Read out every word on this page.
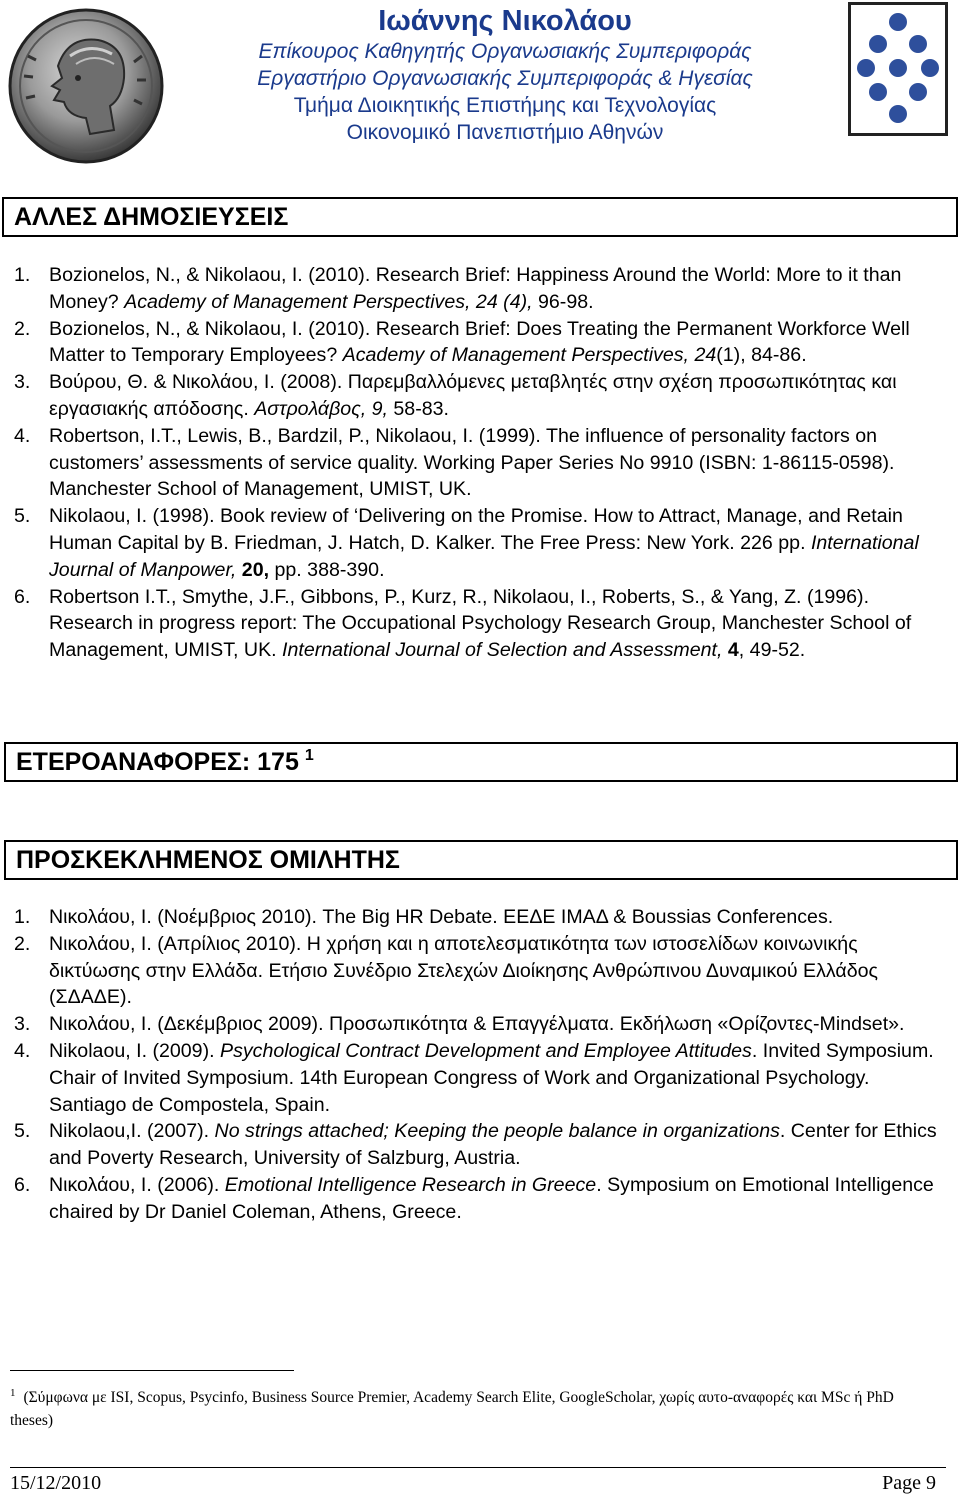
Ιωάννης Νικολάου
Επίκουρος Καθηγητής Οργανωσιακής Συμπεριφοράς
Εργαστήριο Οργανωσιακής Συμπεριφοράς & Ηγεσίας
Τμήμα Διοικητικής Επιστήμης και Τεχνολογίας
Οικονομικό Πανεπιστήμιο Αθηνών
ΑΛΛΕΣ ΔΗΜΟΣΙΕΥΣΕΙΣ
1. Bozionelos, N., & Nikolaou, I. (2010). Research Brief: Happiness Around the World: More to it than Money? Academy of Management Perspectives, 24 (4), 96-98.
2. Bozionelos, N., & Nikolaou, I. (2010). Research Brief: Does Treating the Permanent Workforce Well Matter to Temporary Employees? Academy of Management Perspectives, 24(1), 84-86.
3. Βούρου, Θ. & Νικολάου, Ι. (2008). Παρεμβαλλόμενες μεταβλητές στην σχέση προσωπικότητας και εργασιακής απόδοσης. Αστρολάβος, 9, 58-83.
4. Robertson, I.T., Lewis, B., Bardzil, P., Nikolaou, I. (1999). The influence of personality factors on customers’ assessments of service quality. Working Paper Series No 9910 (ISBN: 1-86115-0598). Manchester School of Management, UMIST, UK.
5. Nikolaou, I. (1998). Book review of ‘Delivering on the Promise. How to Attract, Manage, and Retain Human Capital by B. Friedman, J. Hatch, D. Kalker. The Free Press: New York. 226 pp. International Journal of Manpower, 20, pp. 388-390.
6. Robertson I.T., Smythe, J.F., Gibbons, P., Kurz, R., Nikolaou, I., Roberts, S., & Yang, Z. (1996). Research in progress report: The Occupational Psychology Research Group, Manchester School of Management, UMIST, UK. International Journal of Selection and Assessment, 4, 49-52.
ΕΤΕΡΟΑΝΑΦΟΡΕΣ: 175 $^1$
ΠΡΟΣΚΕΚΛΗΜΕΝΟΣ ΟΜΙΛΗΤΗΣ
1. Νικολάου, Ι. (Νοέμβριος 2010). The Big HR Debate. ΕΕΔΕ ΙΜΑΔ & Boussias Conferences.
2. Νικολάου, Ι. (Απρίλιος 2010). Η χρήση και η αποτελεσματικότητα των ιστοσελίδων κοινωνικής δικτύωσης στην Ελλάδα. Ετήσιο Συνέδριο Στελεχών Διοίκησης Ανθρώπινου Δυναμικού Ελλάδος (ΣΔΑΔΕ).
3. Νικολάου, Ι. (Δεκέμβριος 2009). Προσωπικότητα & Επαγγέλματα. Εκδήλωση «Ορίζοντες-Mindset».
4. Nikolaou, I. (2009). Psychological Contract Development and Employee Attitudes. Invited Symposium. Chair of Invited Symposium. 14th European Congress of Work and Organizational Psychology. Santiago de Compostela, Spain.
5. Nikolaou,I. (2007). No strings attached; Keeping the people balance in organizations. Center for Ethics and Poverty Research, University of Salzburg, Austria.
6. Νικολάου, Ι. (2006). Emotional Intelligence Research in Greece. Symposium on Emotional Intelligence chaired by Dr Daniel Coleman, Athens, Greece.
$^1$ (Σύμφωνα με ISI, Scopus, Psycinfo, Business Source Premier, Academy Search Elite, GoogleScholar, χωρίς αυτο-αναφορές και MSc ή PhD theses)
15/12/2010	Page 9
